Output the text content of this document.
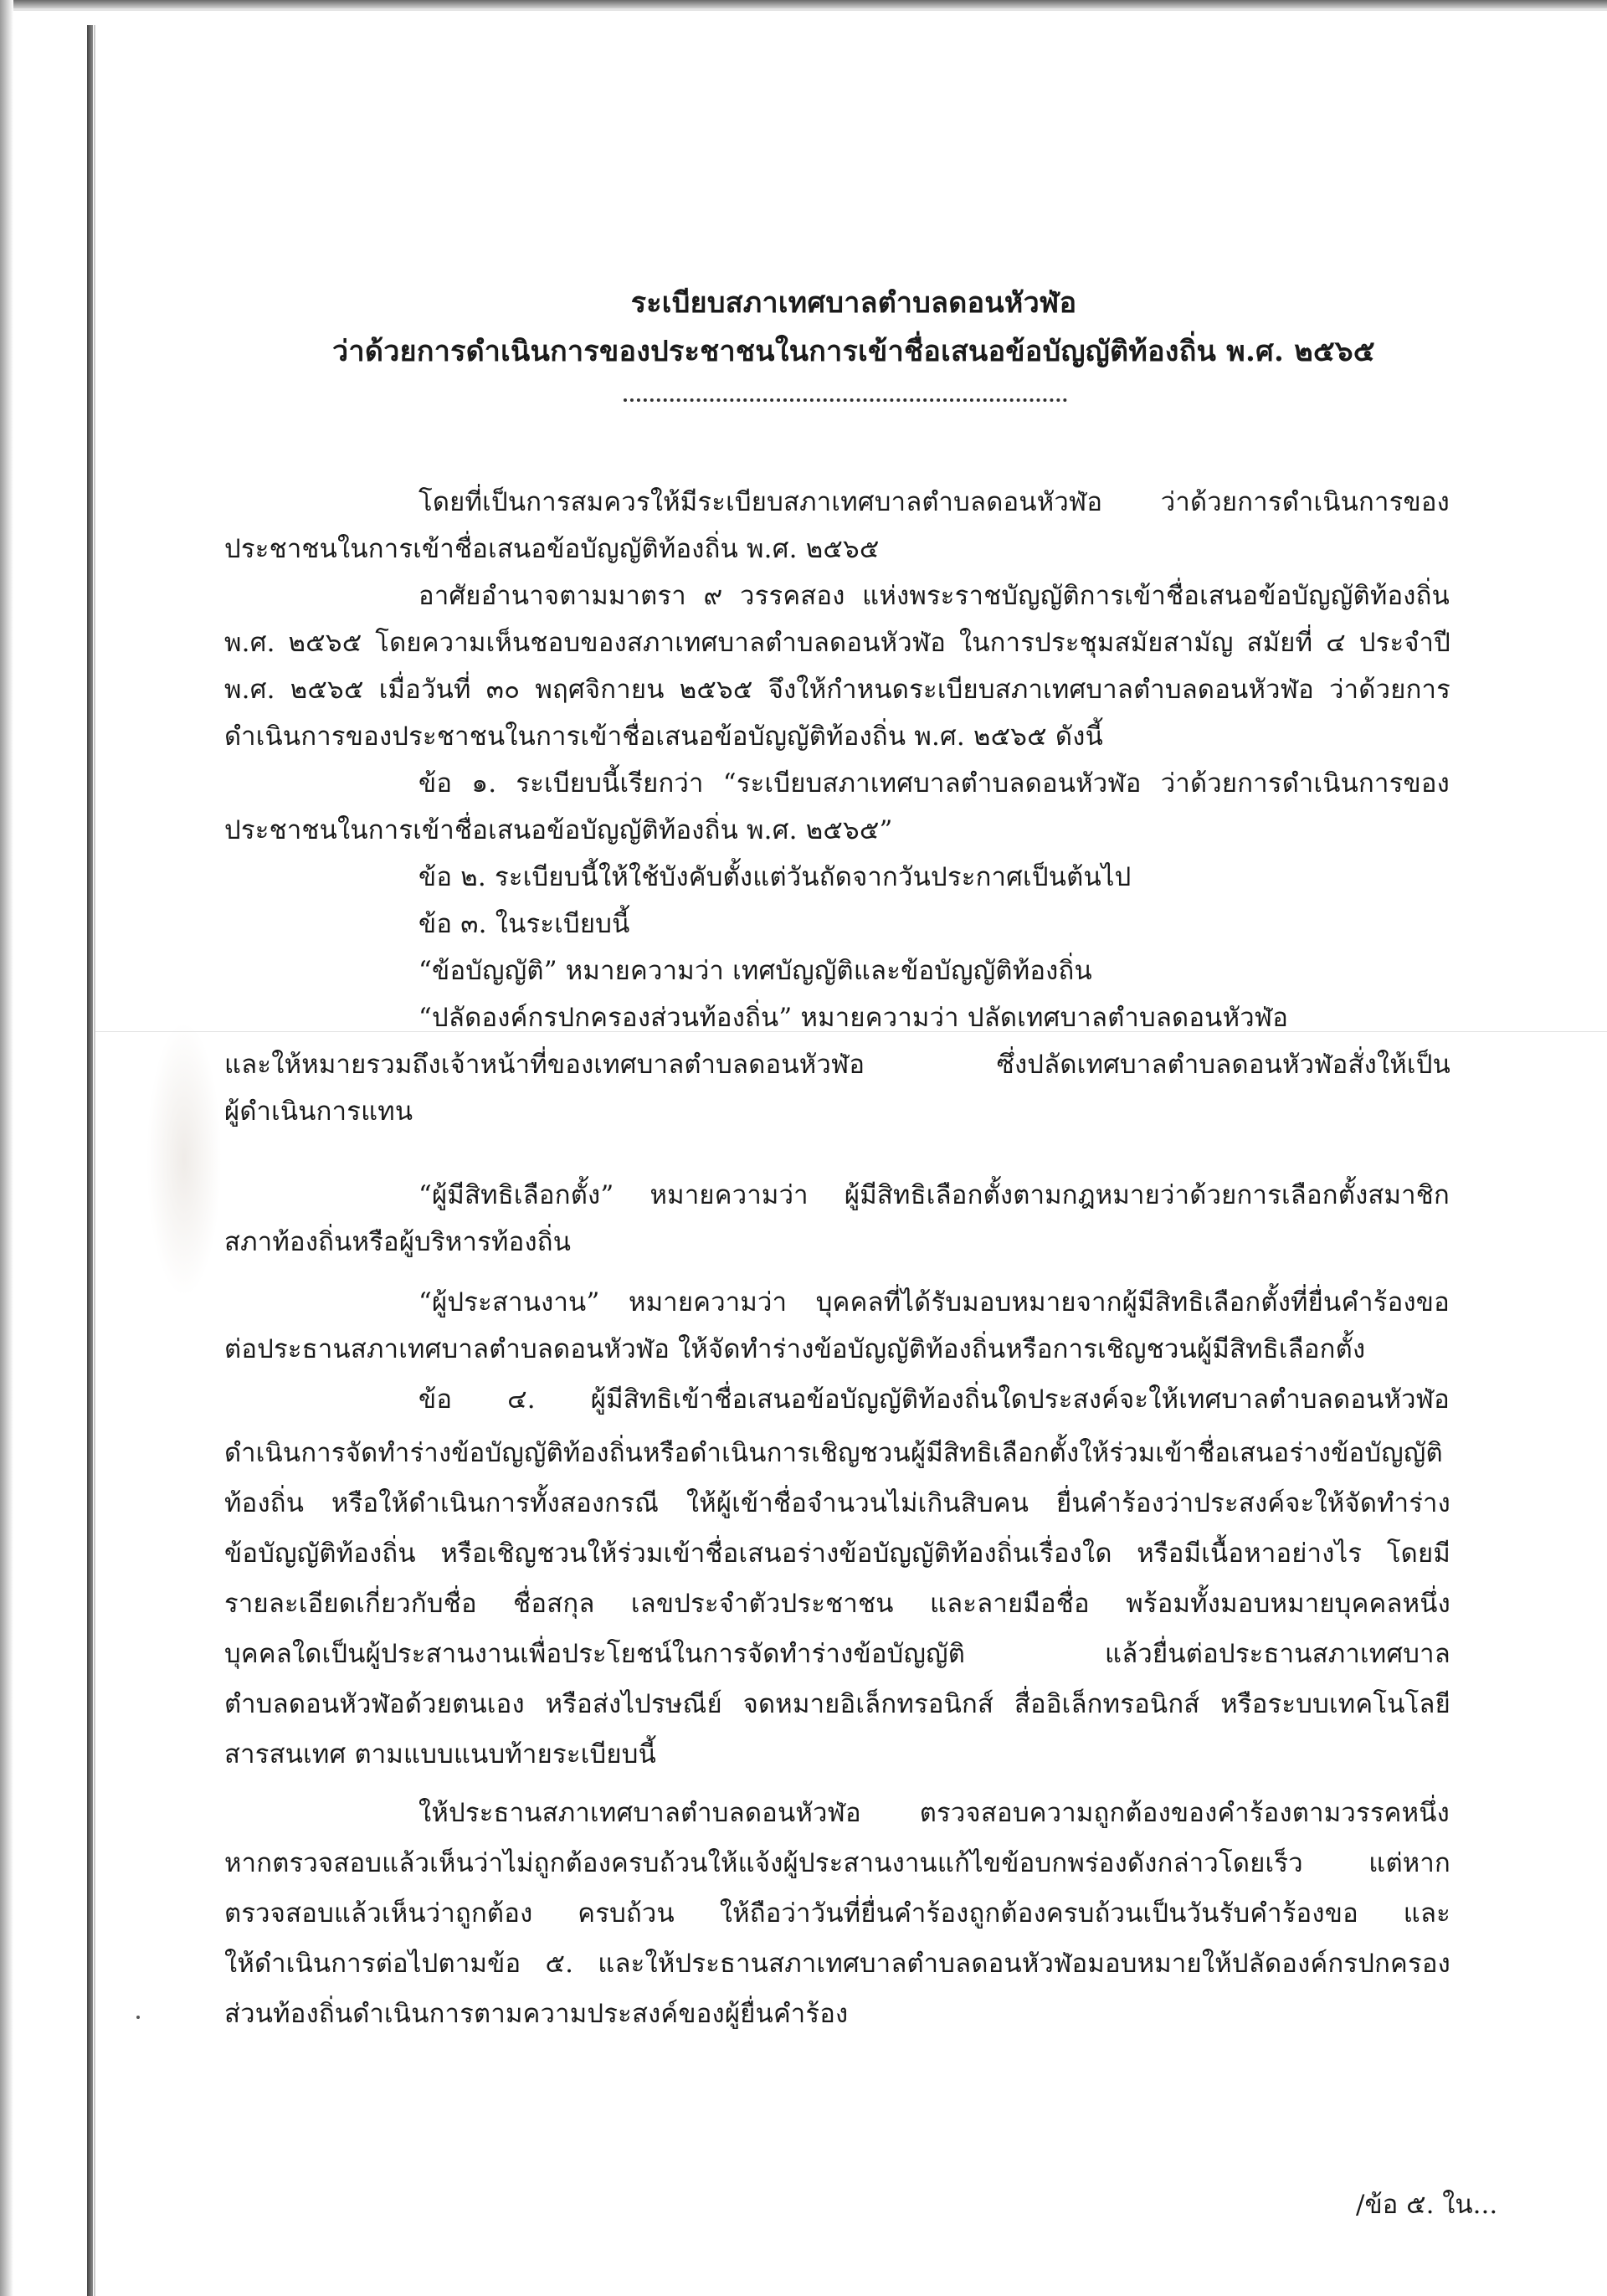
ระเบียบสภาเทศบาลตำบลดอนหัวฬ่อ
ว่าด้วยการดำเนินการของประชาชนในการเข้าชื่อเสนอข้อบัญญัติท้องถิ่น พ.ศ. ๒๕๖๕
โดยที่เป็นการสมควรให้มีระเบียบสภาเทศบาลตำบลดอนหัวฬ่อ ว่าด้วยการดำเนินการของ
ประชาชนในการเข้าชื่อเสนอข้อบัญญัติท้องถิ่น พ.ศ. ๒๕๖๕
อาศัยอำนาจตามมาตรา ๙ วรรคสอง แห่งพระราชบัญญัติการเข้าชื่อเสนอข้อบัญญัติท้องถิ่น
พ.ศ. ๒๕๖๕ โดยความเห็นชอบของสภาเทศบาลตำบลดอนหัวฬ่อ ในการประชุมสมัยสามัญ สมัยที่ ๔ ประจำปี
พ.ศ. ๒๕๖๕ เมื่อวันที่ ๓๐ พฤศจิกายน ๒๕๖๕ จึงให้กำหนดระเบียบสภาเทศบาลตำบลดอนหัวฬ่อ ว่าด้วยการ
ดำเนินการของประชาชนในการเข้าชื่อเสนอข้อบัญญัติท้องถิ่น พ.ศ. ๒๕๖๕ ดังนี้
ข้อ ๑. ระเบียบนี้เรียกว่า “ระเบียบสภาเทศบาลตำบลดอนหัวฬ่อ ว่าด้วยการดำเนินการของ
ประชาชนในการเข้าชื่อเสนอข้อบัญญัติท้องถิ่น พ.ศ. ๒๕๖๕”
ข้อ ๒. ระเบียบนี้ให้ใช้บังคับตั้งแต่วันถัดจากวันประกาศเป็นต้นไป
ข้อ ๓. ในระเบียบนี้
“ข้อบัญญัติ” หมายความว่า เทศบัญญัติและข้อบัญญัติท้องถิ่น
“ปลัดองค์กรปกครองส่วนท้องถิ่น” หมายความว่า ปลัดเทศบาลตำบลดอนหัวฬ่อ
และให้หมายรวมถึงเจ้าหน้าที่ของเทศบาลตำบลดอนหัวฬ่อ ซึ่งปลัดเทศบาลตำบลดอนหัวฬ่อสั่งให้เป็น
ผู้ดำเนินการแทน
“ผู้มีสิทธิเลือกตั้ง” หมายความว่า ผู้มีสิทธิเลือกตั้งตามกฎหมายว่าด้วยการเลือกตั้งสมาชิก
สภาท้องถิ่นหรือผู้บริหารท้องถิ่น
“ผู้ประสานงาน” หมายความว่า บุคคลที่ได้รับมอบหมายจากผู้มีสิทธิเลือกตั้งที่ยื่นคำร้องขอ
ต่อประธานสภาเทศบาลตำบลดอนหัวฬ่อ ให้จัดทำร่างข้อบัญญัติท้องถิ่นหรือการเชิญชวนผู้มีสิทธิเลือกตั้ง
ข้อ ๔. ผู้มีสิทธิเข้าชื่อเสนอข้อบัญญัติท้องถิ่นใดประสงค์จะให้เทศบาลตำบลดอนหัวฬ่อ
ดำเนินการจัดทำร่างข้อบัญญัติท้องถิ่นหรือดำเนินการเชิญชวนผู้มีสิทธิเลือกตั้งให้ร่วมเข้าชื่อเสนอร่างข้อบัญญัติ
ท้องถิ่น หรือให้ดำเนินการทั้งสองกรณี ให้ผู้เข้าชื่อจำนวนไม่เกินสิบคน ยื่นคำร้องว่าประสงค์จะให้จัดทำร่าง
ข้อบัญญัติท้องถิ่น หรือเชิญชวนให้ร่วมเข้าชื่อเสนอร่างข้อบัญญัติท้องถิ่นเรื่องใด หรือมีเนื้อหาอย่างไร โดยมี
รายละเอียดเกี่ยวกับชื่อ ชื่อสกุล เลขประจำตัวประชาชน และลายมือชื่อ พร้อมทั้งมอบหมายบุคคลหนึ่ง
บุคคลใดเป็นผู้ประสานงานเพื่อประโยชน์ในการจัดทำร่างข้อบัญญัติ แล้วยื่นต่อประธานสภาเทศบาล
ตำบลดอนหัวฬ่อด้วยตนเอง หรือส่งไปรษณีย์ จดหมายอิเล็กทรอนิกส์ สื่ออิเล็กทรอนิกส์ หรือระบบเทคโนโลยี
สารสนเทศ ตามแบบแนบท้ายระเบียบนี้
ให้ประธานสภาเทศบาลตำบลดอนหัวฬ่อ ตรวจสอบความถูกต้องของคำร้องตามวรรคหนึ่ง
หากตรวจสอบแล้วเห็นว่าไม่ถูกต้องครบถ้วนให้แจ้งผู้ประสานงานแก้ไขข้อบกพร่องดังกล่าวโดยเร็ว แต่หาก
ตรวจสอบแล้วเห็นว่าถูกต้อง ครบถ้วน ให้ถือว่าวันที่ยื่นคำร้องถูกต้องครบถ้วนเป็นวันรับคำร้องขอ และ
ให้ดำเนินการต่อไปตามข้อ ๕. และให้ประธานสภาเทศบาลตำบลดอนหัวฬ่อมอบหมายให้ปลัดองค์กรปกครอง
ส่วนท้องถิ่นดำเนินการตามความประสงค์ของผู้ยื่นคำร้อง
/ข้อ ๕. ใน...
